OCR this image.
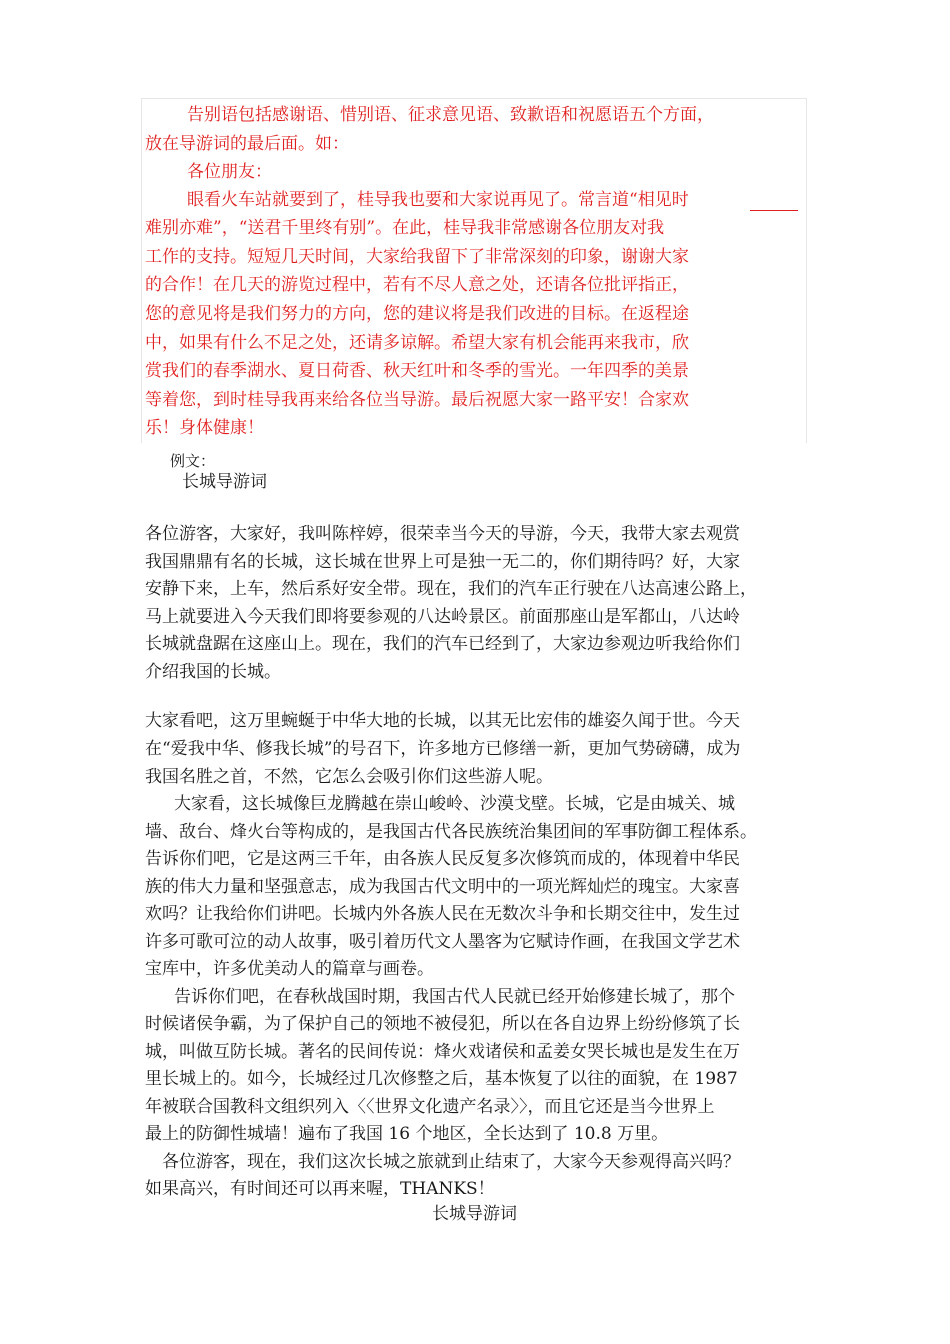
告别语包括感谢语、惜别语、征求意见语、致歉语和祝愿语五个方面，
放在导游词的最后面。如：
各位朋友：
眼看火车站就要到了，桂导我也要和大家说再见了。常言道“相见时
难别亦难”，“送君千里终有别”。在此，桂导我非常感谢各位朋友对我
工作的支持。短短几天时间，大家给我留下了非常深刻的印象，谢谢大家
的合作！在几天的游览过程中，若有不尽人意之处，还请各位批评指正，
您的意见将是我们努力的方向，您的建议将是我们改进的目标。在返程途
中，如果有什么不足之处，还请多谅解。希望大家有机会能再来我市，欣
赏我们的春季湖水、夏日荷香、秋天红叶和冬季的雪光。一年四季的美景
等着您，到时桂导我再来给各位当导游。最后祝愿大家一路平安！合家欢
乐！身体健康！
例文：
长城导游词
各位游客，大家好，我叫陈梓婷，很荣幸当今天的导游，今天，我带大家去观赏
我国鼎鼎有名的长城，这长城在世界上可是独一无二的，你们期待吗？好，大家
安静下来，上车，然后系好安全带。现在，我们的汽车正行驶在八达高速公路上，
马上就要进入今天我们即将要参观的八达岭景区。前面那座山是军都山，八达岭
长城就盘踞在这座山上。现在，我们的汽车已经到了，大家边参观边听我给你们
介绍我国的长城。
大家看吧，这万里蜿蜒于中华大地的长城，以其无比宏伟的雄姿久闻于世。今天
在“爱我中华、修我长城”的号召下，许多地方已修缮一新，更加气势磅礴，成为
我国名胜之首，不然，它怎么会吸引你们这些游人呢。
大家看，这长城像巨龙腾越在崇山峻岭、沙漠戈壁。长城，它是由城关、城
墙、敌台、烽火台等构成的，是我国古代各民族统治集团间的军事防御工程体系。
告诉你们吧，它是这两三千年，由各族人民反复多次修筑而成的，体现着中华民
族的伟大力量和坚强意志，成为我国古代文明中的一项光辉灿烂的瑰宝。大家喜
欢吗？让我给你们讲吧。长城内外各族人民在无数次斗争和长期交往中，发生过
许多可歌可泣的动人故事，吸引着历代文人墨客为它赋诗作画，在我国文学艺术
宝库中，许多优美动人的篇章与画卷。
告诉你们吧，在春秋战国时期，我国古代人民就已经开始修建长城了，那个
时候诸侯争霸，为了保护自己的领地不被侵犯，所以在各自边界上纷纷修筑了长
城，叫做互防长城。著名的民间传说：烽火戏诸侯和孟姜女哭长城也是发生在万
里长城上的。如今，长城经过几次修整之后，基本恢复了以往的面貌，在 1987
年被联合国教科文组织列入〈〈世界文化遗产名录〉〉，而且它还是当今世界上
最上的防御性城墙！遍布了我国 16 个地区，全长达到了 10.8 万里。
各位游客，现在，我们这次长城之旅就到止结束了，大家今天参观得高兴吗？
如果高兴，有时间还可以再来喔，THANKS！
长城导游词
